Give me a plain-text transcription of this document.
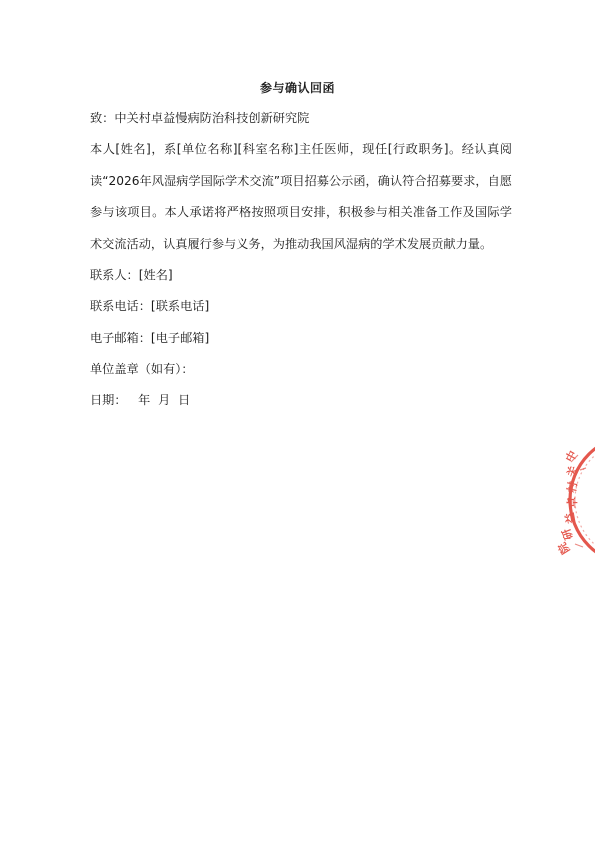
参与确认回函
致：中关村卓益慢病防治科技创新研究院
本人[姓名]，系[单位名称][科室名称]主任医师，现任[行政职务]。经认真阅读“2026年风湿病学国际学术交流”项目招募公示函，确认符合招募要求，自愿参与该项目。本人承诺将严格按照项目安排，积极参与相关准备工作及国际学术交流活动，认真履行参与义务，为推动我国风湿病的学术发展贡献力量。
联系人：[姓名]
联系电话：[联系电话]
电子邮箱：[电子邮箱]
单位盖章（如有）：
日期：   年  月  日
中
关
村
卓
益
研
院
